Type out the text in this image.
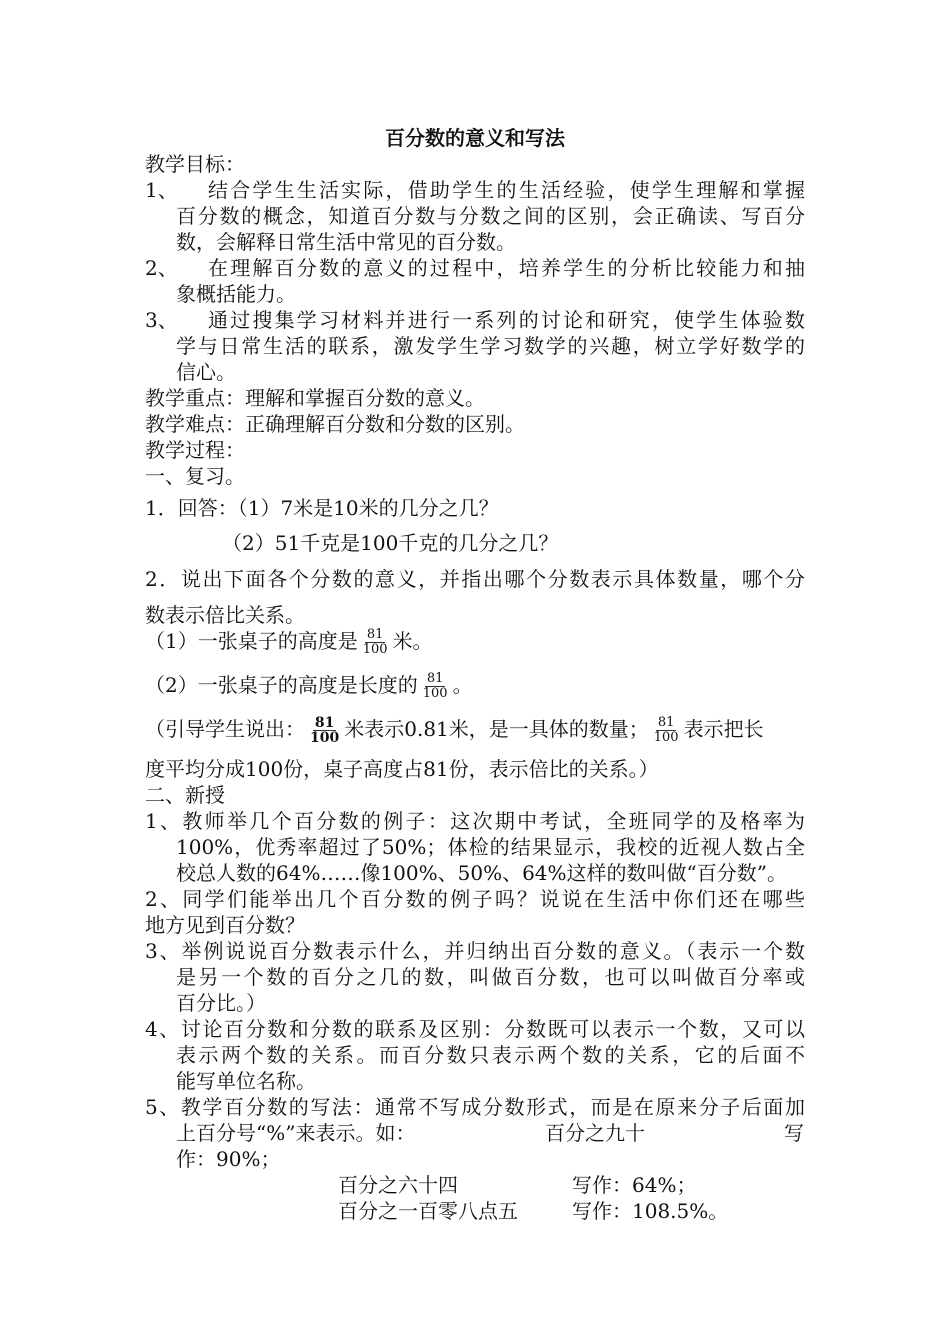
百分数的意义和写法
教学目标：
1、 结合学生生活实际，借助学生的生活经验，使学生理解和掌握
百分数的概念，知道百分数与分数之间的区别，会正确读、写百分
数，会解释日常生活中常见的百分数。
2、 在理解百分数的意义的过程中，培养学生的分析比较能力和抽
象概括能力。
3、 通过搜集学习材料并进行一系列的讨论和研究，使学生体验数
学与日常生活的联系，激发学生学习数学的兴趣，树立学好数学的
信心。
教学重点：理解和掌握百分数的意义。
教学难点：正确理解百分数和分数的区别。
教学过程：
一、复习。
1．回答：（1）7米是10米的几分之几？
（2）51千克是100千克的几分之几？
2．说出下面各个分数的意义，并指出哪个分数表示具体数量，哪个分
数表示倍比关系。
（1）一张桌子的高度是 $\frac{81}{100}$ 米。
（2）一张桌子的高度是长度的 $\frac{81}{100}$ 。
（引导学生说出： $\frac{81}{100}$ 米表示0.81米，是一具体的数量； $\frac{81}{100}$ 表示把长
度平均分成100份，桌子高度占81份，表示倍比的关系。）
二、新授
1、教师举几个百分数的例子：这次期中考试，全班同学的及格率为
100%，优秀率超过了50%；体检的结果显示，我校的近视人数占全
校总人数的64%……像100%、50%、64%这样的数叫做“百分数”。
2、同学们能举出几个百分数的例子吗？说说在生活中你们还在哪些
地方见到百分数？
3、举例说说百分数表示什么，并归纳出百分数的意义。（表示一个数
是另一个数的百分之几的数，叫做百分数，也可以叫做百分率或
百分比。）
4、讨论百分数和分数的联系及区别：分数既可以表示一个数，又可以
表示两个数的关系。而百分数只表示两个数的关系，它的后面不
能写单位名称。
5、教学百分数的写法：通常不写成分数形式，而是在原来分子后面加
上百分号“%”来表示。如：	百分之九十	写
作：90%；
百分之六十四	写作：64%；
百分之一百零八点五	写作：108.5%。
